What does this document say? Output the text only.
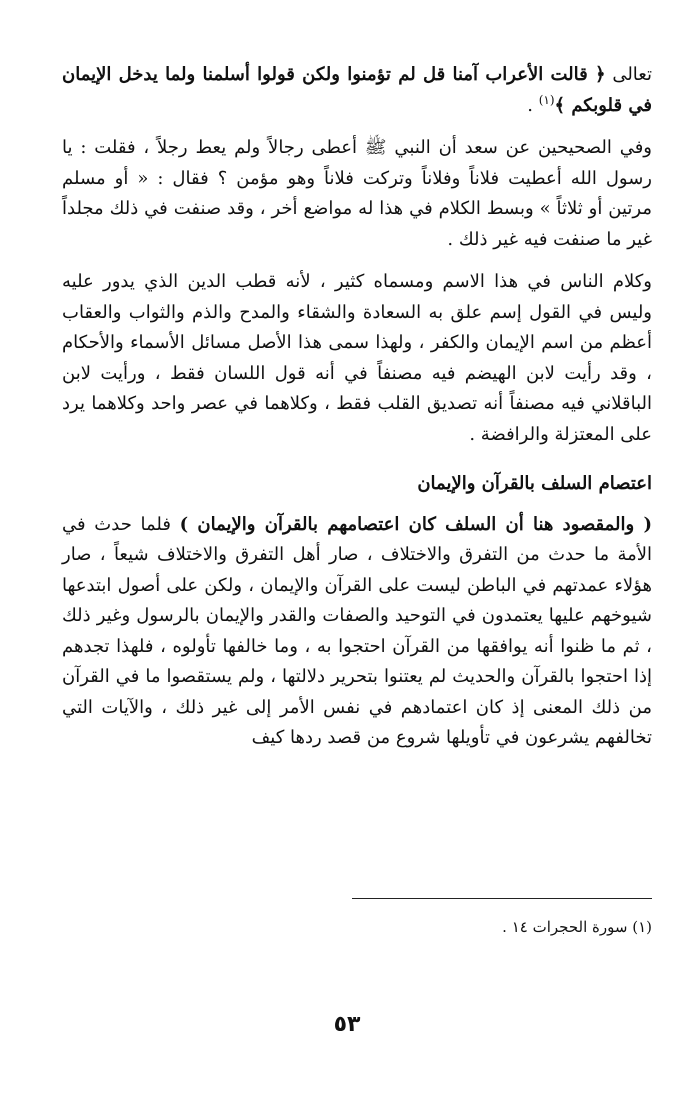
تعالى ﴿ قالت الأعراب آمنا قل لم تؤمنوا ولكن قولوا أسلمنا ولما يدخل الإيمان في قلوبكم ﴾$^{(١)}$ .

وفي الصحيحين عن سعد أن النبي ﷺ أعطى رجالاً ولم يعط رجلاً ، فقلت : يا رسول الله أعطيت فلاناً وفلاناً وتركت فلاناً وهو مؤمن ؟ فقال : « أو مسلم مرتين أو ثلاثاً » وبسط الكلام في هذا له مواضع أخر ، وقد صنفت في ذلك مجلداً غير ما صنفت فيه غير ذلك .

وكلام الناس في هذا الاسم ومسماه كثير ، لأنه قطب الدين الذي يدور عليه وليس في القول إسم علق به السعادة والشقاء والمدح والذم والثواب والعقاب أعظم من اسم الإيمان والكفر ، ولهذا سمى هذا الأصل مسائل الأسماء والأحكام ، وقد رأيت لابن الهيضم فيه مصنفاً في أنه قول اللسان فقط ، ورأيت لابن الباقلاني فيه مصنفاً أنه تصديق القلب فقط ، وكلاهما في عصر واحد وكلاهما يرد على المعتزلة والرافضة .

اعتصام السلف بالقرآن والإيمان

( والمقصود هنا أن السلف كان اعتصامهم بالقرآن والإيمان ) فلما حدث في الأمة ما حدث من التفرق والاختلاف ، صار أهل التفرق والاختلاف شيعاً ، صار هؤلاء عمدتهم في الباطن ليست على القرآن والإيمان ، ولكن على أصول ابتدعها شيوخهم عليها يعتمدون في التوحيد والصفات والقدر والإيمان بالرسول وغير ذلك ، ثم ما ظنوا أنه يوافقها من القرآن احتجوا به ، وما خالفها تأولوه ، فلهذا تجدهم إذا احتجوا بالقرآن والحديث لم يعتنوا بتحرير دلالتها ، ولم يستقصوا ما في القرآن من ذلك المعنى إذ كان اعتمادهم في نفس الأمر إلى غير ذلك ، والآيات التي تخالفهم يشرعون في تأويلها شروع من قصد ردها كيف

(١) سورة الحجرات ١٤ .
٥٣
